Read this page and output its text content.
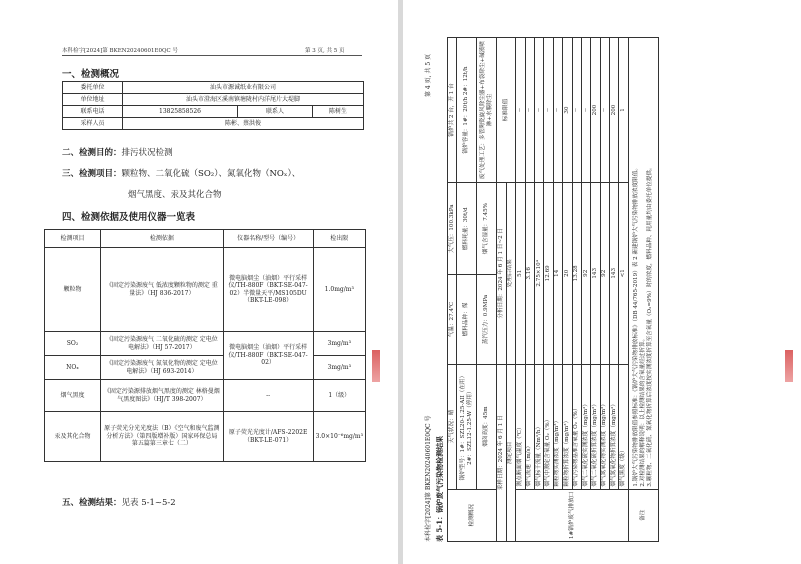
本科检字[2024]第 BKEN20240601E0QC 号	第 3 页, 共 5 页
一、检测概况
委托单位	汕头市源诚纸业有限公司		
单位地址	汕头市澄海区溪南镇塘陇村内洋尾片大堤脚		
联系电话	13825858526	联系人	陈树生
采样人员	陈彬、蔡洪俊		
二、检测目的：排污状况检测
三、检测项目：颗粒物、二氧化硫（SO₂）、氮氧化物（NOₓ）、
烟气黑度、汞及其化合物
四、检测依据及使用仪器一览表
检测项目	检测依据	仪器名称/型号（编号）	检出限
颗粒物	《固定污染源废气 低浓度颗粒物的测定 重量法》（HJ 836-2017）	微电脑烟尘（油烟）平行采样仪/TH-880F（BKT-SE-047-02）半微量天平/MS105DU（BKT-LE-098）	1.0mg/m³
SO₂	《固定污染源废气 二氧化硫的测定 定电位电解法》（HJ 57-2017）	微电脑烟尘（油烟）平行采样仪/TH-880F（BKT-SE-047-02）	3mg/m³
NOₓ	《固定污染源废气 氮氧化物的测定 定电位电解法》（HJ 693-2014）		3mg/m³
烟气黑度	《固定污染源排放烟气黑度的测定 林格曼烟气黑度图法》（HJ/T 398-2007）	--	1（级）
汞及其化合物	原子荧光分光光度法（B）《空气和废气监测分析方法》（第四版增补版）国家环保总局 第五篇第三章七（二）	原子荧光光度计/AFS-2202E（BKT-LE-071）	3.0×10⁻⁶mg/m³
五、检测结果：见表 5-1~5-2	本科检字[2024]第 BKEN20240601E0QC 号
第 4 页, 共 5 页
表 5-1：锅炉废气污染物检测结果	检测概况	天气状况：晴	气温：27.4℃	大气压：100.3kPa	锅炉共 2 台，开 1 台
	锅炉型号：1#：SZL20-1.25-AII（在用）2#：SZL12-1.25-W（停用）	燃料品种：煤	燃料耗量：30t/d	锅炉容量：1#：20t/h 2#：12t/h
	烟囱高度：45m	蒸汽压力：0.9MPa	烟气含湿量：7.45%	废气处理工艺：多管陶瓷旋风除尘器+布袋除尘+碱液喷淋+水膜除尘
采样日期：2024 年 6 月 1 日		分析日期：2024 年 6 月 1 日~2 日		标准限值
测定项目		处理后结果		
1#锅炉废气排放口	测点断面烟气温度（℃）	51		--
	烟气流速（m/s）	3.16		--
	烟气标干流量（Nm³/h）	2.75×10⁴		--
	烟气中测定含氧量 O₂（%）	12.69		--
	颗粒物实测浓度（mg/m³）	14		--
	颗粒物折算浓度（mg/m³）	20		30
	烟气污染物基准含氧量 O₂（%）	13.28		--
	烟气二氧化硫实测浓度（mg/m³）	92		--
	烟气二氧化硫折算浓度（mg/m³）	143		200
	烟气氮氧化物实测浓度（mg/m³）	92		--
	烟气氮氧化物折算浓度（mg/m³）	143		200
	烟气黑度（级）	<1		1
备注	1.锅炉大气污染物排放限值参照标准：《锅炉大气污染物排放标准》（DB 44/765-2019）表 2 新建锅炉大气污染物排放浓度限值。 2.对检测结果的解释说明：以上检测结果的含氧量经过折算。 3.颗粒物、二氧化硫、氮氧化物折算后浓度按实测浓度折算至含氧量（O₂=9%）时的浓度，燃料品种、耗用量均由委托单位提供。			
